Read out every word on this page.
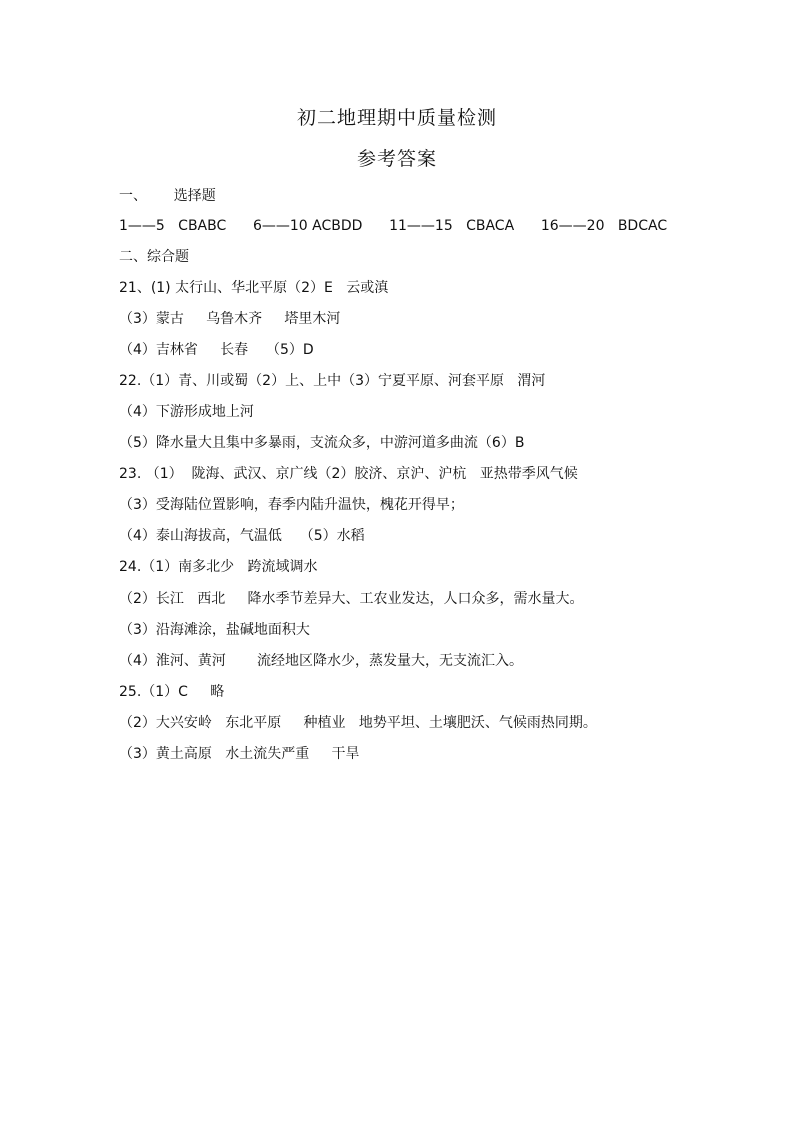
初二地理期中质量检测
参考答案
一、      选择题
1——5   CBABC      6——10 ACBDD      11——15   CBACA      16——20   BDCAC
二、综合题
21、(1) 太行山、华北平原（2）E   云或滇
（3）蒙古     乌鲁木齐     塔里木河
（4）吉林省     长春    （5）D
22.（1）青、川或蜀（2）上、上中（3）宁夏平原、河套平原   渭河
（4）下游形成地上河
（5）降水量大且集中多暴雨，支流众多，中游河道多曲流（6）B
23. （1）  陇海、武汉、京广线（2）胶济、京沪、沪杭   亚热带季风气候
（3）受海陆位置影响，春季内陆升温快，槐花开得早；
（4）泰山海拔高，气温低    （5）水稻
24.（1）南多北少   跨流域调水
（2）长江   西北     降水季节差异大、工农业发达，人口众多，需水量大。
（3）沿海滩涂，盐碱地面积大
（4）淮河、黄河       流经地区降水少，蒸发量大，无支流汇入。
25.（1）C     略
（2）大兴安岭   东北平原     种植业   地势平坦、土壤肥沃、气候雨热同期。
（3）黄土高原   水土流失严重     干旱
